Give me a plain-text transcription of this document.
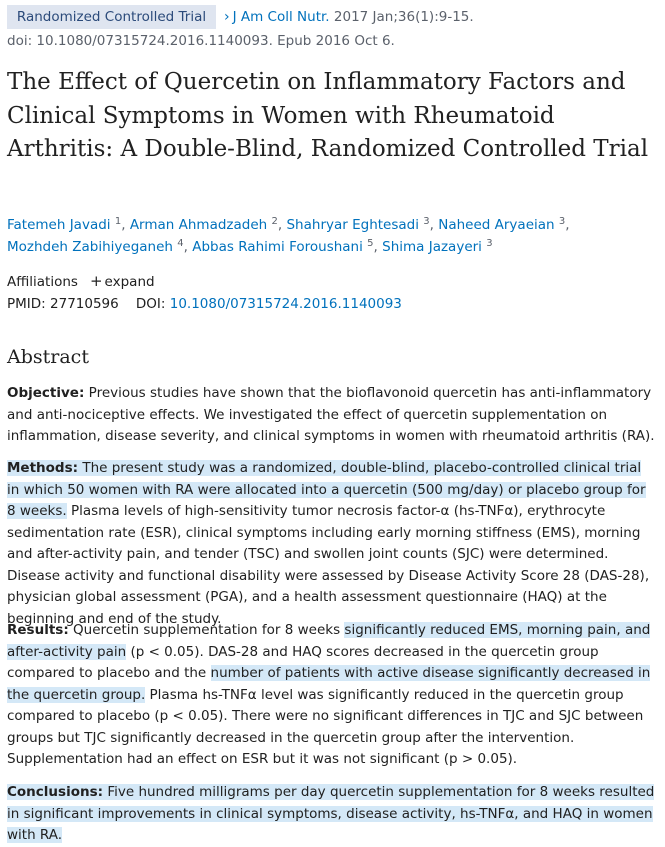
Randomized Controlled Trial	› J Am Coll Nutr. 2017 Jan;36(1):9-15.
doi: 10.1080/07315724.2016.1140093. Epub 2016 Oct 6.
The Effect of Quercetin on Inflammatory Factors and Clinical Symptoms in Women with Rheumatoid Arthritis: A Double-Blind, Randomized Controlled Trial
Fatemeh Javadi $^1$, Arman Ahmadzadeh $^2$, Shahryar Eghtesadi $^3$, Naheed Aryaeian $^3$,
Mozhdeh Zabihiyeganeh $^4$, Abbas Rahimi Foroushani $^5$, Shima Jazayeri $^3$
Affiliations + expand
PMID: 27710596 DOI: 10.1080/07315724.2016.1140093
Abstract

Objective: Previous studies have shown that the bioflavonoid quercetin has anti-inflammatory and anti-nociceptive effects. We investigated the effect of quercetin supplementation on inflammation, disease severity, and clinical symptoms in women with rheumatoid arthritis (RA).

Methods: The present study was a randomized, double-blind, placebo-controlled clinical trial in which 50 women with RA were allocated into a quercetin (500 mg/day) or placebo group for 8 weeks. Plasma levels of high-sensitivity tumor necrosis factor-α (hs-TNFα), erythrocyte sedimentation rate (ESR), clinical symptoms including early morning stiffness (EMS), morning and after-activity pain, and tender (TSC) and swollen joint counts (SJC) were determined. Disease activity and functional disability were assessed by Disease Activity Score 28 (DAS-28), physician global assessment (PGA), and a health assessment questionnaire (HAQ) at the beginning and end of the study.

Results: Quercetin supplementation for 8 weeks significantly reduced EMS, morning pain, and after-activity pain (p < 0.05). DAS-28 and HAQ scores decreased in the quercetin group compared to placebo and the number of patients with active disease significantly decreased in the quercetin group. Plasma hs-TNFα level was significantly reduced in the quercetin group compared to placebo (p < 0.05). There were no significant differences in TJC and SJC between groups but TJC significantly decreased in the quercetin group after the intervention. Supplementation had an effect on ESR but it was not significant (p > 0.05).

Conclusions: Five hundred milligrams per day quercetin supplementation for 8 weeks resulted in significant improvements in clinical symptoms, disease activity, hs-TNFα, and HAQ in women with RA.
